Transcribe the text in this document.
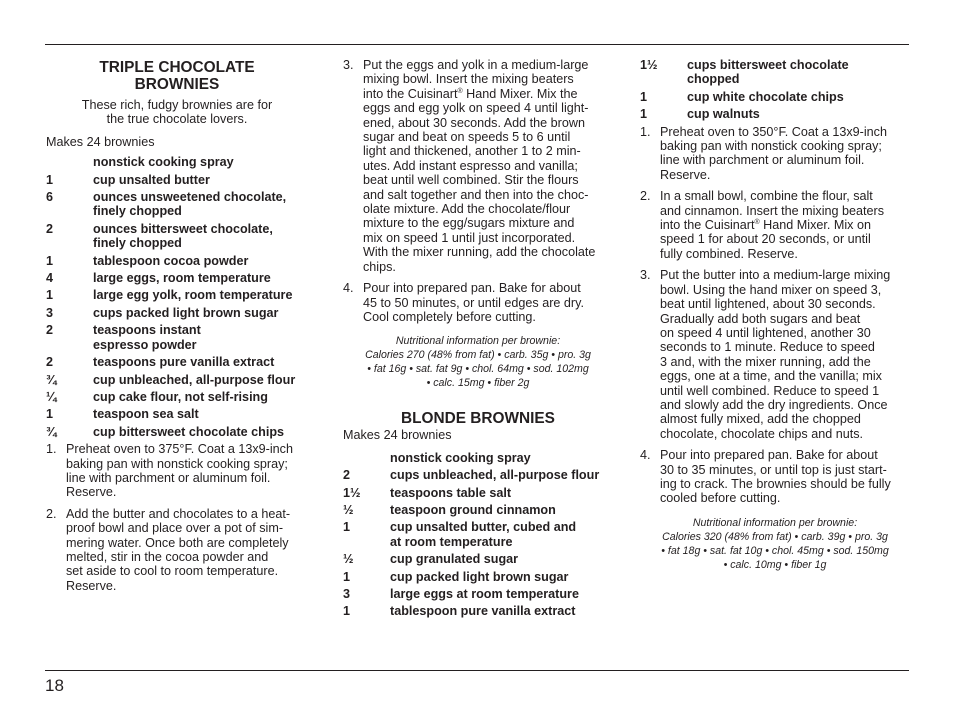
18
TRIPLE CHOCOLATE
BROWNIES
These rich, fudgy brownies are for
the true chocolate lovers.
Makes 24 brownies
nonstick cooking spray
1	cup unsalted butter
6	ounces unsweetened chocolate,
finely chopped
2	ounces bittersweet chocolate,
finely chopped
1	tablespoon cocoa powder
4	large eggs, room temperature
1	large egg yolk, room temperature
3	cups packed light brown sugar
2	teaspoons instant
espresso powder
2	teaspoons pure vanilla extract
¾	cup unbleached, all-purpose flour
¼	cup cake flour, not self-rising
1	teaspoon sea salt
¾	cup bittersweet chocolate chips
1. Preheat oven to 375°F. Coat a 13x9-inch
baking pan with nonstick cooking spray;
line with parchment or aluminum foil.
Reserve.
2. Add the butter and chocolates to a heat-
proof bowl and place over a pot of sim-
mering water. Once both are completely
melted, stir in the cocoa powder and
set aside to cool to room temperature.
Reserve.
3. Put the eggs and yolk in a medium-large
mixing bowl. Insert the mixing beaters
into the Cuisinart® Hand Mixer. Mix the
eggs and egg yolk on speed 4 until light-
ened, about 30 seconds. Add the brown
sugar and beat on speeds 5 to 6 until
light and thickened, another 1 to 2 min-
utes. Add instant espresso and vanilla;
beat until well combined. Stir the flours
and salt together and then into the choc-
olate mixture. Add the chocolate/flour
mixture to the egg/sugars mixture and
mix on speed 1 until just incorporated.
With the mixer running, add the chocolate
chips.
4. Pour into prepared pan. Bake for about
45 to 50 minutes, or until edges are dry.
Cool completely before cutting.
Nutritional information per brownie:
Calories 270 (48% from fat) • carb. 35g • pro. 3g
• fat 16g • sat. fat 9g • chol. 64mg • sod. 102mg
• calc. 15mg • fiber 2g
BLONDE BROWNIES
Makes 24 brownies
nonstick cooking spray
2	cups unbleached, all-purpose flour
1½	teaspoons table salt
½	teaspoon ground cinnamon
1	cup unsalted butter, cubed and
at room temperature
½	cup granulated sugar
1	cup packed light brown sugar
3	large eggs at room temperature
1	tablespoon pure vanilla extract
1½	cups bittersweet chocolate
chopped
1	cup white chocolate chips
1	cup walnuts
1. Preheat oven to 350°F. Coat a 13x9-inch
baking pan with nonstick cooking spray;
line with parchment or aluminum foil.
Reserve.
2. In a small bowl, combine the flour, salt
and cinnamon. Insert the mixing beaters
into the Cuisinart® Hand Mixer. Mix on
speed 1 for about 20 seconds, or until
fully combined. Reserve.
3. Put the butter into a medium-large mixing
bowl. Using the hand mixer on speed 3,
beat until lightened, about 30 seconds.
Gradually add both sugars and beat
on speed 4 until lightened, another 30
seconds to 1 minute. Reduce to speed
3 and, with the mixer running, add the
eggs, one at a time, and the vanilla; mix
until well combined. Reduce to speed 1
and slowly add the dry ingredients. Once
almost fully mixed, add the chopped
chocolate, chocolate chips and nuts.
4. Pour into prepared pan. Bake for about
30 to 35 minutes, or until top is just start-
ing to crack. The brownies should be fully
cooled before cutting.
Nutritional information per brownie:
Calories 320 (48% from fat) • carb. 39g • pro. 3g
• fat 18g • sat. fat 10g • chol. 45mg • sod. 150mg
• calc. 10mg • fiber 1g
